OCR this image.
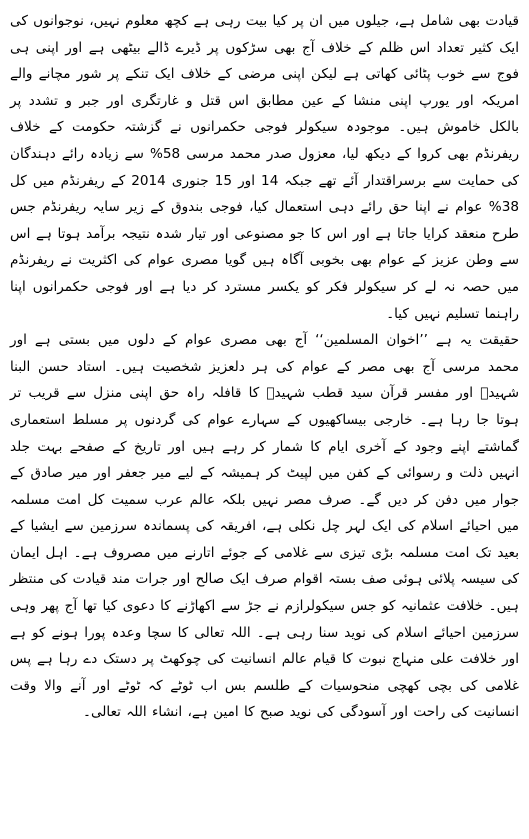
قیادت بھی شامل ہے، جیلوں میں ان پر کیا بیت رہی ہے کچھ معلوم نہیں، نوجوانوں کی ایک کثیر تعداد اس ظلم کے خلاف آج بھی سڑکوں پر ڈیرے ڈالے بیٹھی ہے اور اپنی ہی فوج سے خوب پٹائی کھاتی ہے لیکن اپنی مرضی کے خلاف ایک تنکے پر شور مچانے والے امریکہ اور یورپ اپنی منشا کے عین مطابق اس قتل و غارتگری اور جبر و تشدد پر بالکل خاموش ہیں۔ موجودہ سیکولر فوجی حکمرانوں نے گزشتہ حکومت کے خلاف ریفرنڈم بھی کروا کے دیکھ لیا، معزول صدر محمد مرسی 58% سے زیادہ رائے دہندگان کی حمایت سے برسراقتدار آئے تھے جبکہ 14 اور 15 جنوری 2014 کے ریفرنڈم میں کل 38% عوام نے اپنا حق رائے دہی استعمال کیا، فوجی بندوق کے زیر سایہ ریفرنڈم جس طرح منعقد کرایا جاتا ہے اور اس کا جو مصنوعی اور تیار شدہ نتیجہ برآمد ہوتا ہے اس سے وطن عزیز کے عوام بھی بخوبی آگاہ ہیں گویا مصری عوام کی اکثریت نے ریفرنڈم میں حصہ نہ لے کر سیکولر فکر کو یکسر مسترد کر دیا ہے اور فوجی حکمرانوں اپنا راہنما تسلیم نہیں کیا۔

حقیقت یہ ہے ’’اخوان المسلمین‘‘ آج بھی مصری عوام کے دلوں میں بستی ہے اور محمد مرسی آج بھی مصر کے عوام کی ہر دلعزیز شخصیت ہیں۔ استاد حسن البنا شہیدؒ اور مفسر قرآن سید قطب شہیدؒ کا قافلہ راہ حق اپنی منزل سے قریب تر ہوتا جا رہا ہے۔ خارجی بیساکھیوں کے سہارے عوام کی گردنوں پر مسلط استعماری گماشتے اپنے وجود کے آخری ایام کا شمار کر رہے ہیں اور تاریخ کے صفحے بہت جلد انہیں ذلت و رسوائی کے کفن میں لپیٹ کر ہمیشہ کے لیے میر جعفر اور میر صادق کے جوار میں دفن کر دیں گے۔ صرف مصر نہیں بلکہ عالم عرب سمیت کل امت مسلمہ میں احیائے اسلام کی ایک لہر چل نکلی ہے، افریقہ کی پسماندہ سرزمین سے ایشیا کے بعید تک امت مسلمہ بڑی تیزی سے غلامی کے جوئے اتارنے میں مصروف ہے۔ اہل ایمان کی سیسہ پلائی ہوئی صف بستہ اقوام صرف ایک صالح اور جرات مند قیادت کی منتظر ہیں۔ خلافت عثمانیہ کو جس سیکولرازم نے جڑ سے اکھاڑنے کا دعوی کیا تھا آج پھر وہی سرزمین احیائے اسلام کی نوید سنا رہی ہے۔ اللہ تعالی کا سچا وعدہ پورا ہونے کو ہے اور خلافت علی منہاج نبوت کا قیام عالم انسانیت کی چوکھٹ پر دستک دے رہا ہے پس غلامی کی بچی کھچی منحوسیات کے طلسم بس اب ٹوٹے کہ ٹوٹے اور آنے والا وقت انسانیت کی راحت اور آسودگی کی نوید صبح کا امین ہے، انشاء اللہ تعالی۔
